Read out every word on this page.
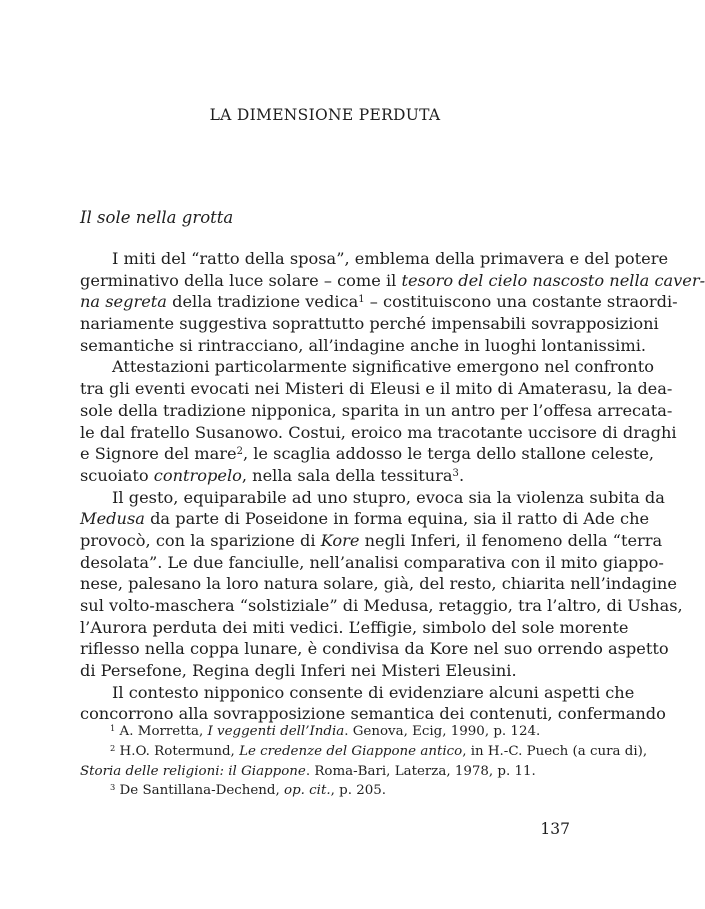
LA DIMENSIONE PERDUTA
Il sole nella grotta
I miti del “ratto della sposa”, emblema della primavera e del potere
germinativo della luce solare – come il tesoro del cielo nascosto nella caver-
na segreta della tradizione vedica$^1$ – costituiscono una costante straordi-
nariamente suggestiva soprattutto perché impensabili sovrapposizioni
semantiche si rintracciano, all’indagine anche in luoghi lontanissimi.
Attestazioni particolarmente significative emergono nel confronto
tra gli eventi evocati nei Misteri di Eleusi e il mito di Amaterasu, la dea-
sole della tradizione nipponica, sparita in un antro per l’offesa arrecata-
le dal fratello Susanowo. Costui, eroico ma tracotante uccisore di draghi
e Signore del mare$^2$, le scaglia addosso le terga dello stallone celeste,
scuoiato contropelo, nella sala della tessitura$^3$.
Il gesto, equiparabile ad uno stupro, evoca sia la violenza subita da
Medusa da parte di Poseidone in forma equina, sia il ratto di Ade che
provocò, con la sparizione di Kore negli Inferi, il fenomeno della “terra
desolata”. Le due fanciulle, nell’analisi comparativa con il mito giappo-
nese, palesano la loro natura solare, già, del resto, chiarita nell’indagine
sul volto-maschera “solstiziale” di Medusa, retaggio, tra l’altro, di Ushas,
l’Aurora perduta dei miti vedici. L’effigie, simbolo del sole morente
riflesso nella coppa lunare, è condivisa da Kore nel suo orrendo aspetto
di Persefone, Regina degli Inferi nei Misteri Eleusini.
Il contesto nipponico consente di evidenziare alcuni aspetti che
concorrono alla sovrapposizione semantica dei contenuti, confermando
$^1$ A. Morretta, I veggenti dell’India. Genova, Ecig, 1990, p. 124.
$^2$ H.O. Rotermund, Le credenze del Giappone antico, in H.-C. Puech (a cura di),
Storia delle religioni: il Giappone. Roma-Bari, Laterza, 1978, p. 11.
$^3$ De Santillana-Dechend, op. cit., p. 205.
137
